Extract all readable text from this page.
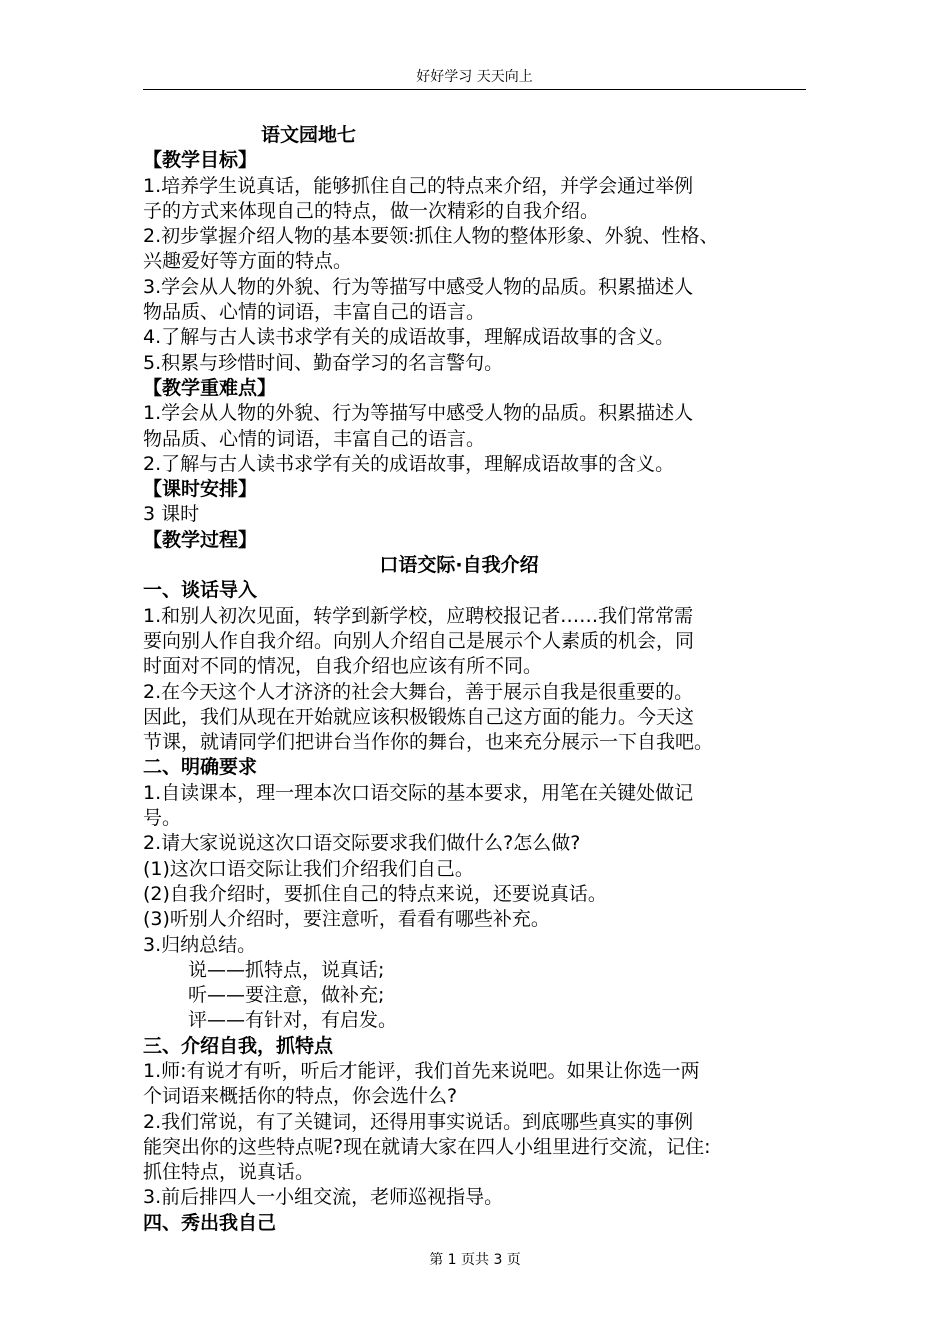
好好学习 天天向上
语文园地七
【教学目标】
1.培养学生说真话，能够抓住自己的特点来介绍，并学会通过举例
子的方式来体现自己的特点，做一次精彩的自我介绍。
2.初步掌握介绍人物的基本要领:抓住人物的整体形象、外貌、性格、
兴趣爱好等方面的特点。
3.学会从人物的外貌、行为等描写中感受人物的品质。积累描述人
物品质、心情的词语，丰富自己的语言。
4.了解与古人读书求学有关的成语故事，理解成语故事的含义。
5.积累与珍惜时间、勤奋学习的名言警句。
【教学重难点】
1.学会从人物的外貌、行为等描写中感受人物的品质。积累描述人
物品质、心情的词语，丰富自己的语言。
2.了解与古人读书求学有关的成语故事，理解成语故事的含义。
【课时安排】
3 课时
【教学过程】
口语交际·自我介绍
一、谈话导入
1.和别人初次见面，转学到新学校，应聘校报记者……我们常常需
要向别人作自我介绍。向别人介绍自己是展示个人素质的机会，同
时面对不同的情况，自我介绍也应该有所不同。
2.在今天这个人才济济的社会大舞台，善于展示自我是很重要的。
因此，我们从现在开始就应该积极锻炼自己这方面的能力。今天这
节课，就请同学们把讲台当作你的舞台，也来充分展示一下自我吧。
二、明确要求
1.自读课本，理一理本次口语交际的基本要求，用笔在关键处做记
号。
2.请大家说说这次口语交际要求我们做什么?怎么做?
(1)这次口语交际让我们介绍我们自己。
(2)自我介绍时，要抓住自己的特点来说，还要说真话。
(3)听别人介绍时，要注意听，看看有哪些补充。
3.归纳总结。
说——抓特点，说真话;
听——要注意，做补充;
评——有针对，有启发。
三、介绍自我，抓特点
1.师:有说才有听，听后才能评，我们首先来说吧。如果让你选一两
个词语来概括你的特点，你会选什么?
2.我们常说，有了关键词，还得用事实说话。到底哪些真实的事例
能突出你的这些特点呢?现在就请大家在四人小组里进行交流，记住:
抓住特点，说真话。
3.前后排四人一小组交流，老师巡视指导。
四、秀出我自己
第 1 页共 3 页
